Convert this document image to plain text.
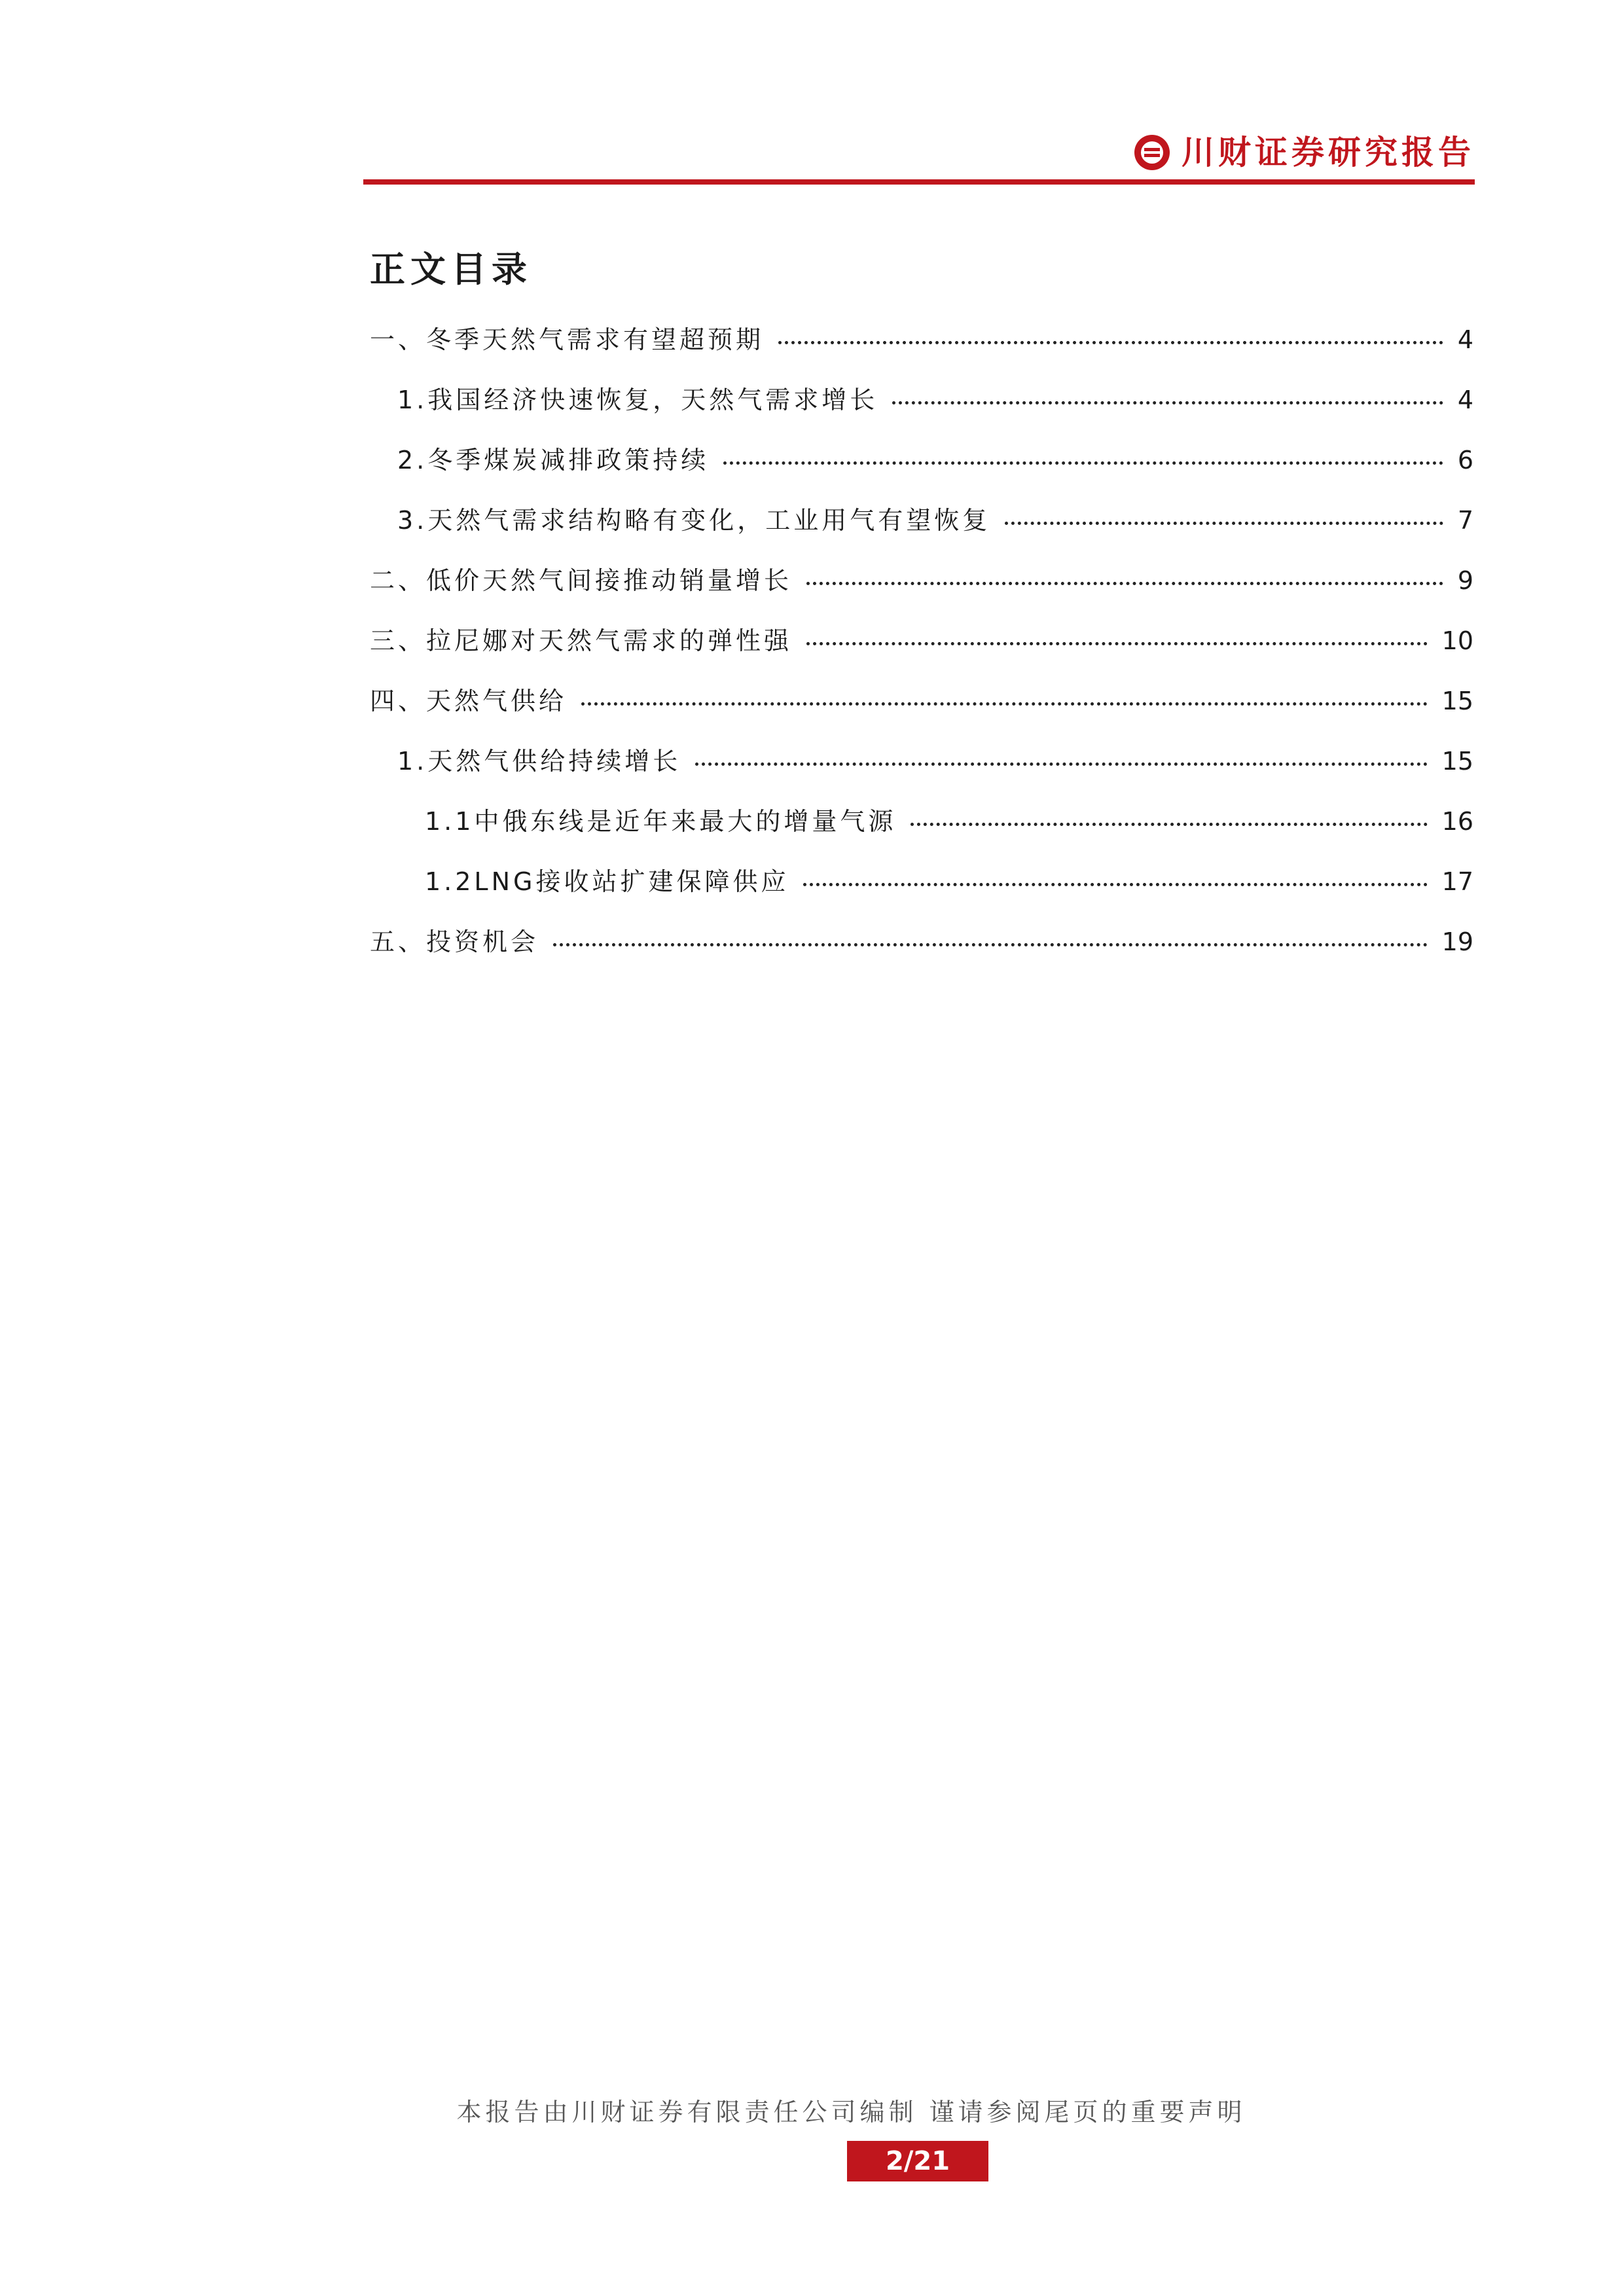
川财证券研究报告
正文目录
一、冬季天然气需求有望超预期	4
1.我国经济快速恢复，天然气需求增长	4
2.冬季煤炭减排政策持续	6
3.天然气需求结构略有变化，工业用气有望恢复	7
二、低价天然气间接推动销量增长	9
三、拉尼娜对天然气需求的弹性强	10
四、天然气供给	15
1.天然气供给持续增长	15
1.1中俄东线是近年来最大的增量气源	16
1.2LNG接收站扩建保障供应	17
五、投资机会	19
本报告由川财证券有限责任公司编制 谨请参阅尾页的重要声明
2/21
